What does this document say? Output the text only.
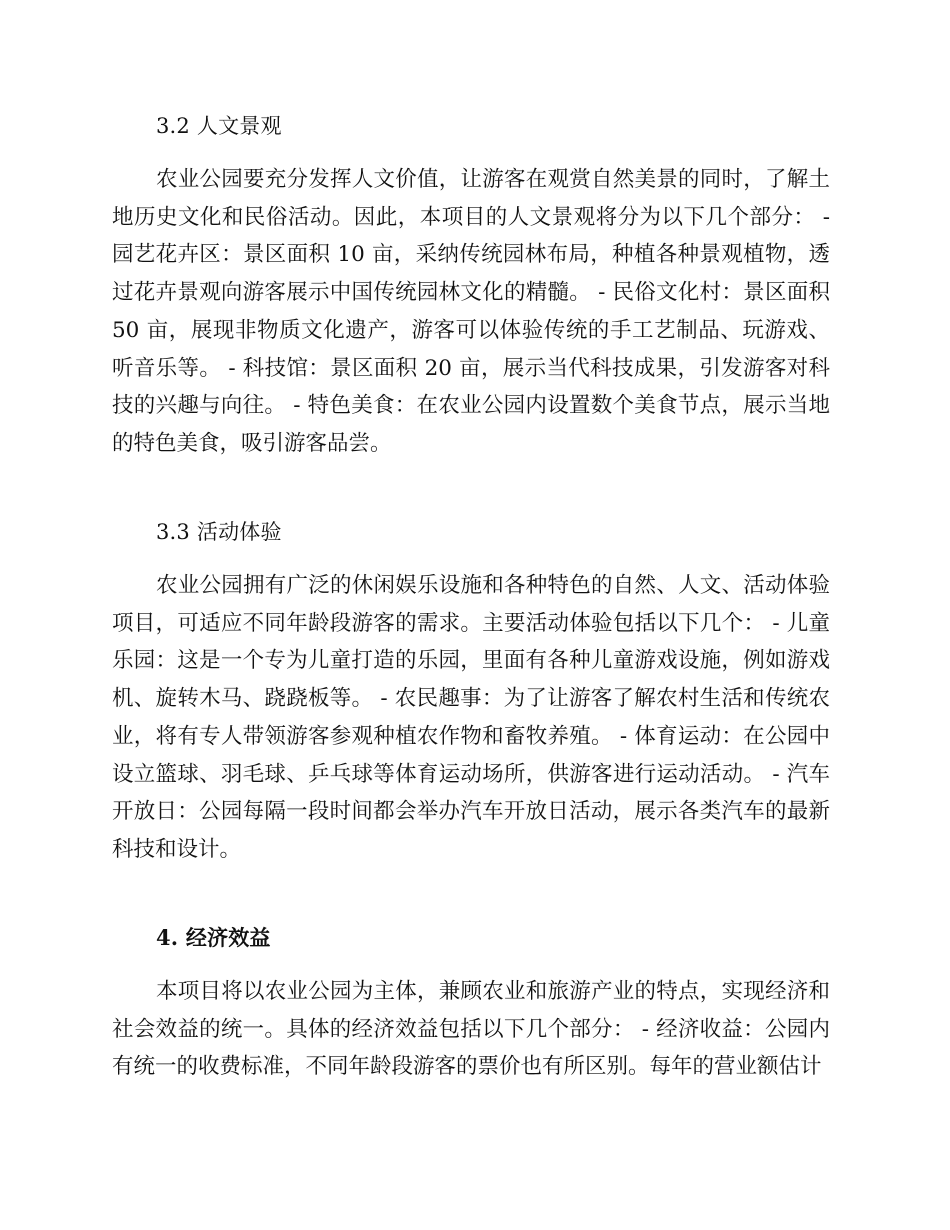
3.2 人文景观

农业公园要充分发挥人文价值，让游客在观赏自然美景的同时，了解土地历史文化和民俗活动。因此，本项目的人文景观将分为以下几个部分： - 园艺花卉区：景区面积 10 亩，采纳传统园林布局，种植各种景观植物，透过花卉景观向游客展示中国传统园林文化的精髓。 - 民俗文化村：景区面积 50 亩，展现非物质文化遗产，游客可以体验传统的手工艺制品、玩游戏、听音乐等。 - 科技馆：景区面积 20 亩，展示当代科技成果，引发游客对科技的兴趣与向往。 - 特色美食：在农业公园内设置数个美食节点，展示当地的特色美食，吸引游客品尝。

3.3 活动体验

农业公园拥有广泛的休闲娱乐设施和各种特色的自然、人文、活动体验项目，可适应不同年龄段游客的需求。主要活动体验包括以下几个： - 儿童乐园：这是一个专为儿童打造的乐园，里面有各种儿童游戏设施，例如游戏机、旋转木马、跷跷板等。 - 农民趣事：为了让游客了解农村生活和传统农业，将有专人带领游客参观种植农作物和畜牧养殖。 - 体育运动：在公园中设立篮球、羽毛球、乒乓球等体育运动场所，供游客进行运动活动。 - 汽车开放日：公园每隔一段时间都会举办汽车开放日活动，展示各类汽车的最新科技和设计。

4. 经济效益

本项目将以农业公园为主体，兼顾农业和旅游产业的特点，实现经济和社会效益的统一。具体的经济效益包括以下几个部分： - 经济收益：公园内有统一的收费标准，不同年龄段游客的票价也有所区别。每年的营业额估计
